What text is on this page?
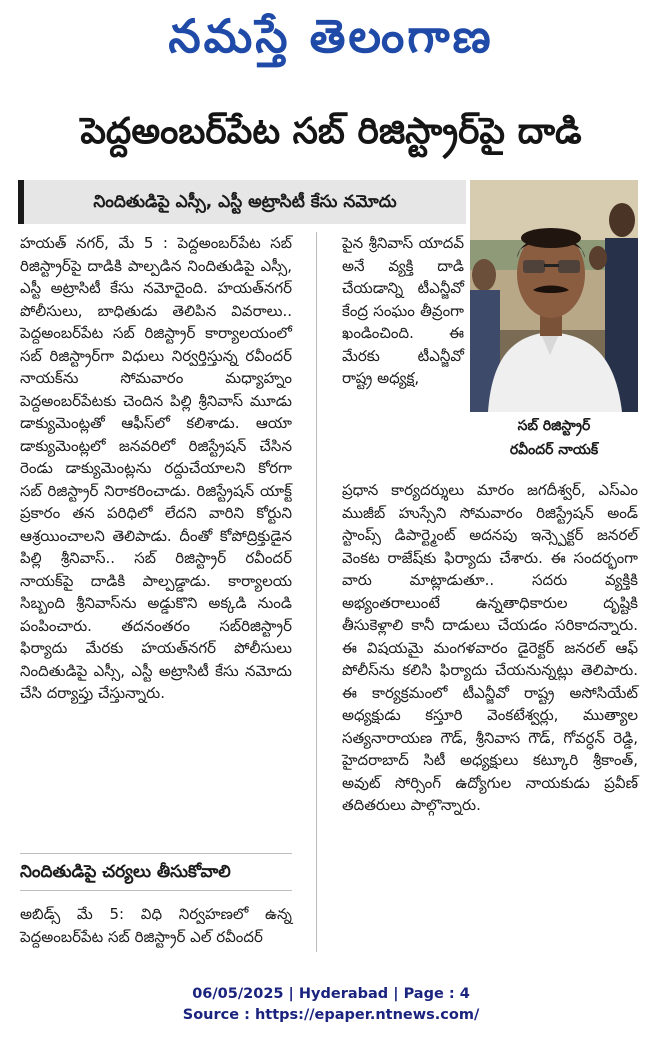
నమస్తే తెలంగాణ
పెద్దఅంబర్‌పేట సబ్ రిజిస్ట్రార్‌పై దాడి
నిందితుడిపై ఎస్సీ, ఎస్టీ అట్రాసిటీ కేసు నమోదు
సబ్ రిజిస్ట్రార్
రవీందర్ నాయక్

హయత్ నగర్, మే 5 : పెద్దఅంబర్‌పేట సబ్ రిజిస్ట్రార్‌పై దాడికి పాల్పడిన నిందితుడిపై ఎస్సీ, ఎస్టీ అట్రాసిటీ కేసు నమోదైంది. హయత్‌నగర్ పోలీసులు, బాధితుడు తెలిపిన వివరాలు.. పెద్దఅంబర్‌పేట సబ్ రిజిస్ట్రార్ కార్యాలయంలో సబ్ రిజిస్ట్రార్‌గా విధులు నిర్వర్తిస్తున్న రవీందర్ నాయక్‌ను సోమవారం మధ్యాహ్నం పెద్దఅంబర్‌పేటకు చెందిన పిల్లి శ్రీనివాస్ మూడు డాక్యుమెంట్లతో ఆఫీస్‌లో కలిశాడు. ఆయా డాక్యుమెంట్లలో జనవరిలో రిజిస్ట్రేషన్ చేసిన రెండు డాక్యుమెంట్లను రద్దుచేయాలని కోరగా సబ్ రిజిస్ట్రార్ నిరాకరించాడు. రిజిస్ట్రేషన్ యాక్ట్ ప్రకారం తన పరిధిలో లేదని వారిని కోర్టుని ఆశ్రయించాలని తెలిపాడు. దీంతో కోపోద్రిక్తుడైన పిల్లి శ్రీనివాస్.. సబ్ రిజిస్ట్రార్ రవీందర్ నాయక్‌పై దాడికి పాల్పడ్డాడు. కార్యాలయ సిబ్బంది శ్రీనివాస్‌ను అడ్డుకొని అక్కడి నుండి పంపించారు. తదనంతరం సబ్‌రిజిస్ట్రార్ ఫిర్యాదు మేరకు హయత్‌నగర్ పోలీసులు నిందితుడిపై ఎస్సీ, ఎస్టీ అట్రాసిటీ కేసు నమోదు చేసి దర్యాప్తు చేస్తున్నారు.

నిందితుడిపై చర్యలు తీసుకోవాలి

అబిడ్స్ మే 5: విధి నిర్వహణలో ఉన్న పెద్దఅంబర్‌పేట సబ్ రిజిస్ట్రార్ ఎల్ రవీందర్

పైన శ్రీనివాస్ యాదవ్ అనే వ్యక్తి దాడి చేయడాన్ని టీఎన్జీవో కేంద్ర సంఘం తీవ్రంగా ఖండించింది. ఈ మేరకు టీఎన్జీవో రాష్ట్ర అధ్యక్ష,

ప్రధాన కార్యదర్శులు మారం జగదీశ్వర్, ఎస్ఎం ముజీబ్ హుస్సేని సోమవారం రిజిస్ట్రేషన్ అండ్ స్టాంప్స్ డిపార్ట్మెంట్ అదనపు ఇన్స్పెక్టర్ జనరల్ వెంకట రాజేష్‌కు ఫిర్యాదు చేశారు. ఈ సందర్భంగా వారు మాట్లాడుతూ.. సదరు వ్యక్తికి అభ్యంతరాలుంటే ఉన్నతాధికారుల దృష్టికి తీసుకెళ్లాలి కానీ దాడులు చేయడం సరికాదన్నారు. ఈ విషయమై మంగళవారం డైరెక్టర్ జనరల్ ఆఫ్ పోలీస్‌ను కలిసి ఫిర్యాదు చేయనున్నట్లు తెలిపారు. ఈ కార్యక్రమంలో టీఎన్జీవో రాష్ట్ర అసోసియేట్ అధ్యక్షుడు కస్తూరి వెంకటేశ్వర్లు, ముత్యాల సత్యనారాయణ గౌడ్, శ్రీనివాస గౌడ్, గోవర్ధన్ రెడ్డి, హైదరాబాద్ సిటీ అధ్యక్షులు కట్కూరి శ్రీకాంత్, అవుట్ సోర్సింగ్ ఉద్యోగుల నాయకుడు ప్రవీణ్ తదితరులు పాల్గొన్నారు.

06/05/2025 | Hyderabad | Page : 4
Source : https://epaper.ntnews.com/
